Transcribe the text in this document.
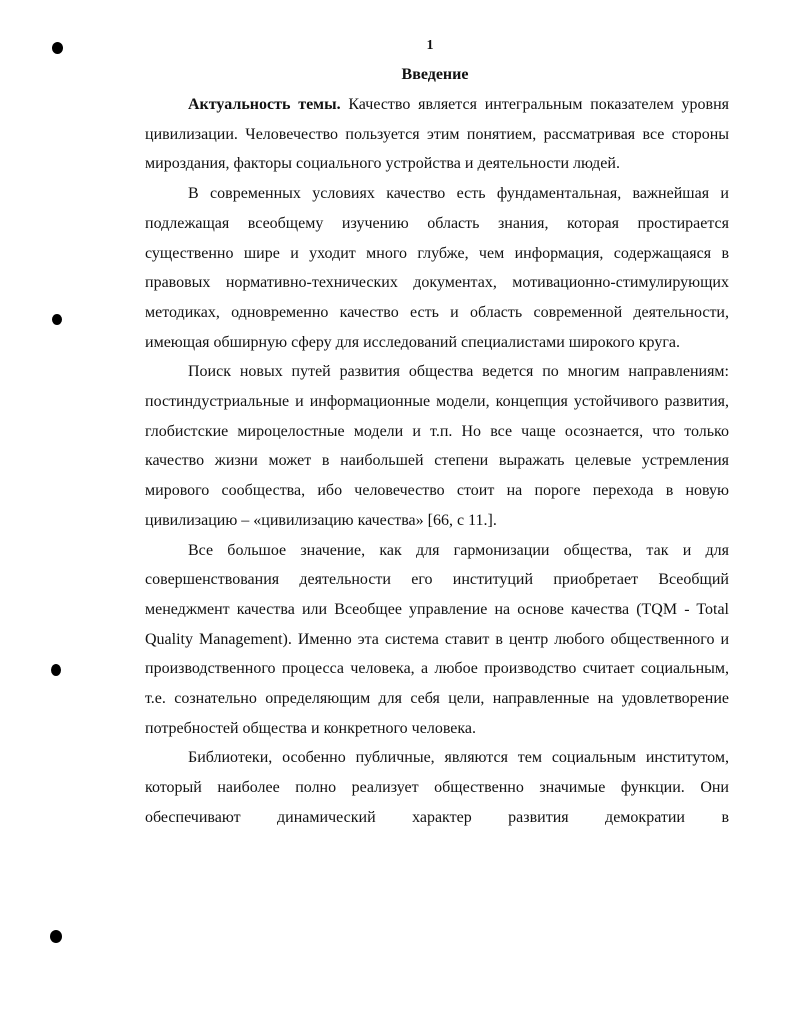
1
Введение

Актуальность темы. Качество является интегральным показателем уровня цивилизации. Человечество пользуется этим понятием, рассматривая все стороны мироздания, факторы социального устройства и деятельности людей.

В современных условиях качество есть фундаментальная, важнейшая и подлежащая всеобщему изучению область знания, которая простирается существенно шире и уходит много глубже, чем информация, содержащаяся в правовых нормативно-технических документах, мотивационно-стимулирующих методиках, одновременно качество есть и область современной деятельности, имеющая обширную сферу для исследований специалистами широкого круга.

Поиск новых путей развития общества ведется по многим направлениям: постиндустриальные и информационные модели, концепция устойчивого развития, глобистские мироцелостные модели и т.п. Но все чаще осознается, что только качество жизни может в наибольшей степени выражать целевые устремления мирового сообщества, ибо человечество стоит на пороге перехода в новую цивилизацию – «цивилизацию качества» [66, с 11.].

Все большое значение, как для гармонизации общества, так и для совершенствования деятельности его институций приобретает Всеобщий менеджмент качества или Всеобщее управление на основе качества (TQM - Total Quality Management). Именно эта система ставит в центр любого общественного и производственного процесса человека, а любое производство считает социальным, т.е. сознательно определяющим для себя цели, направленные на удовлетворение потребностей общества и конкретного человека.

Библиотеки, особенно публичные, являются тем социальным институтом, который наиболее полно реализует общественно значимые функции. Они обеспечивают динамический характер развития демократии в
